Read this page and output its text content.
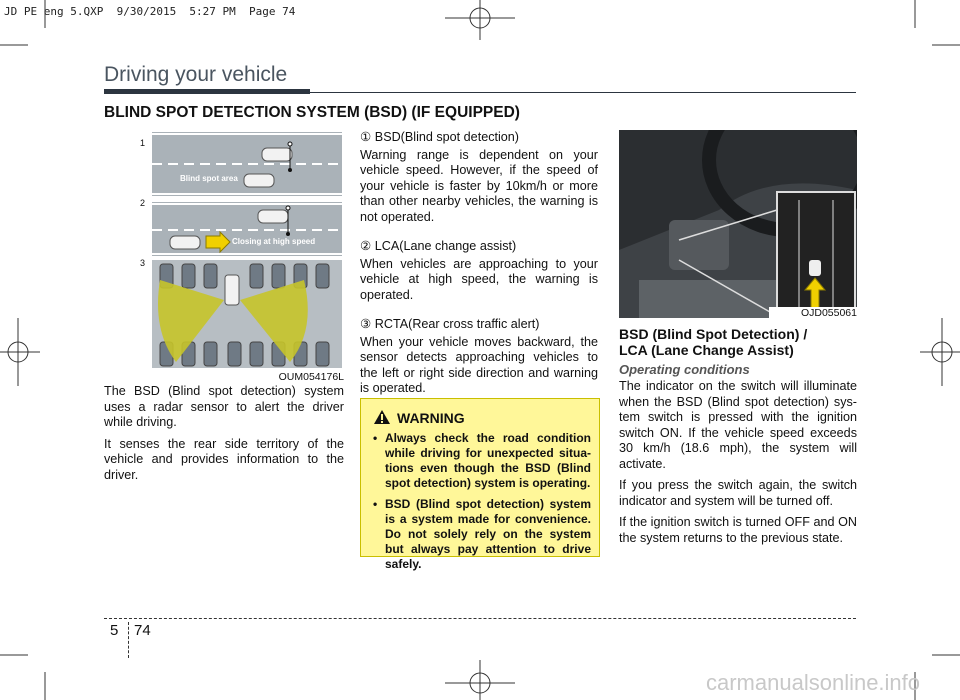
JD PE eng 5.QXP  9/30/2015  5:27 PM  Page 74
Driving your vehicle
BLIND SPOT DETECTION SYSTEM (BSD) (IF EQUIPPED)
1
2
3
Blind spot area
Closing at high speed
OUM054176L

The BSD (Blind spot detection) system uses a radar sensor to alert the driver while driving.

It senses the rear side territory of the vehicle and provides information to the driver.

① BSD(Blind spot detection)

Warning range is dependent on your vehicle speed. However, if the speed of your vehicle is faster by 10km/h or more than other nearby vehicles, the warning is not operated.

② LCA(Lane change assist)

When vehicles are approaching to your vehicle at high speed, the warning is operated.

③ RCTA(Rear cross traffic alert)

When your vehicle moves backward, the sensor detects approaching vehicles to the left or right side direction and warning is operated.

WARNING
• Always check the road condition while driving for unexpected situa-tions even though the BSD (Blind spot detection) system is operating.
• BSD (Blind spot detection) system is a system made for convenience. Do not solely rely on the system but always pay attention to drive safely.
OJD055061
BSD (Blind Spot Detection) /
LCA (Lane Change Assist)
Operating conditions

The indicator on the switch will illuminate when the BSD (Blind spot detection) sys-tem switch is pressed with the ignition switch ON. If the vehicle speed exceeds 30 km/h (18.6 mph), the system will activate.

If you press the switch again, the switch indicator and system will be turned off.

If the ignition switch is turned OFF and ON the system returns to the previous state.

5 74
carmanualsonline.info
